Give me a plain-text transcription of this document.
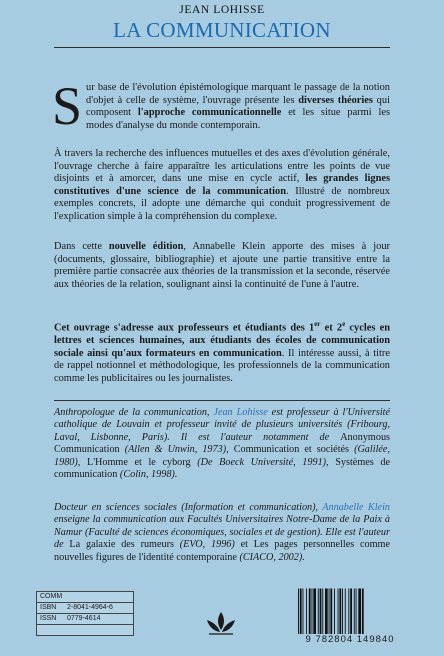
JEAN LOHISSE
LA COMMUNICATION

Sur base de l'évolution épistémologique marquant le passage de la notion d'objet à celle de système, l'ouvrage présente les diverses théories qui composent l'approche communicationnelle et les situe parmi les modes d'analyse du monde contemporain.

À travers la recherche des influences mutuelles et des axes d'évolution générale, l'ouvrage cherche à faire apparaître les articulations entre les points de vue disjoints et à amorcer, dans une mise en cycle actif, les grandes lignes constitutives d'une science de la communication. Illustré de nombreux exemples concrets, il adopte une démarche qui conduit progressivement de l'explication simple à la compréhension du complexe.

Dans cette nouvelle édition, Annabelle Klein apporte des mises à jour (documents, glossaire, bibliographie) et ajoute une partie transitive entre la première partie consacrée aux théories de la transmission et la seconde, réservée aux théories de la relation, soulignant ainsi la continuité de l'une à l'autre.

Cet ouvrage s'adresse aux professeurs et étudiants des 1er et 2e cycles en lettres et sciences humaines, aux étudiants des écoles de communication sociale ainsi qu'aux formateurs en communication. Il intéresse aussi, à titre de rappel notionnel et méthodologique, les professionnels de la communication comme les publicitaires ou les journalistes.

Anthropologue de la communication, Jean Lohisse est professeur à l'Université catholique de Louvain et professeur invité de plusieurs universités (Fribourg, Laval, Lisbonne, Paris). Il est l'auteur notamment de Anonymous Communication (Allen & Unwin, 1973), Communication et sociétés (Galilée, 1980), L'Homme et le cyborg (De Boeck Université, 1991), Systèmes de communication (Colin, 1998).

Docteur en sciences sociales (Information et communication), Annabelle Klein enseigne la communication aux Facultés Universitaires Notre-Dame de la Paix à Namur (Faculté de sciences économiques, sociales et de gestion). Elle est l'auteur de La galaxie des rumeurs (EVO, 1996) et Les pages personnelles comme nouvelles figures de l'identité contemporaine (CIACO, 2002).

COMM
ISBN 2-8041-4964-6
ISSN 0779-4614
9 782804 149840
